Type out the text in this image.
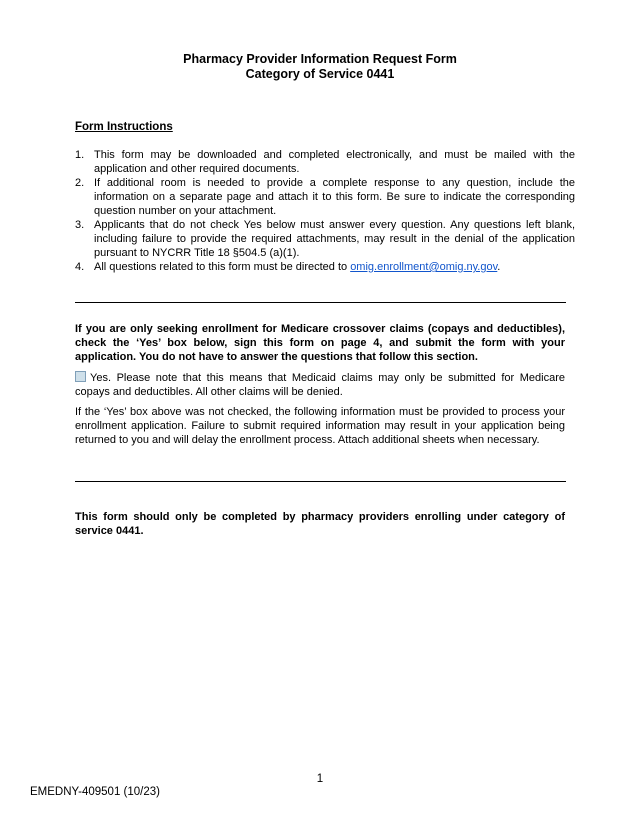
Pharmacy Provider Information Request Form
Category of Service 0441
Form Instructions
1. This form may be downloaded and completed electronically, and must be mailed with the application and other required documents.
2. If additional room is needed to provide a complete response to any question, include the information on a separate page and attach it to this form. Be sure to indicate the corresponding question number on your attachment.
3. Applicants that do not check Yes below must answer every question. Any questions left blank, including failure to provide the required attachments, may result in the denial of the application pursuant to NYCRR Title 18 §504.5 (a)(1).
4. All questions related to this form must be directed to omig.enrollment@omig.ny.gov.
If you are only seeking enrollment for Medicare crossover claims (copays and deductibles), check the ‘Yes’ box below, sign this form on page 4, and submit the form with your application. You do not have to answer the questions that follow this section.
Yes. Please note that this means that Medicaid claims may only be submitted for Medicare copays and deductibles. All other claims will be denied.
If the ‘Yes’ box above was not checked, the following information must be provided to process your enrollment application. Failure to submit required information may result in your application being returned to you and will delay the enrollment process. Attach additional sheets when necessary.
This form should only be completed by pharmacy providers enrolling under category of service 0441.
1
EMEDNY-409501 (10/23)
